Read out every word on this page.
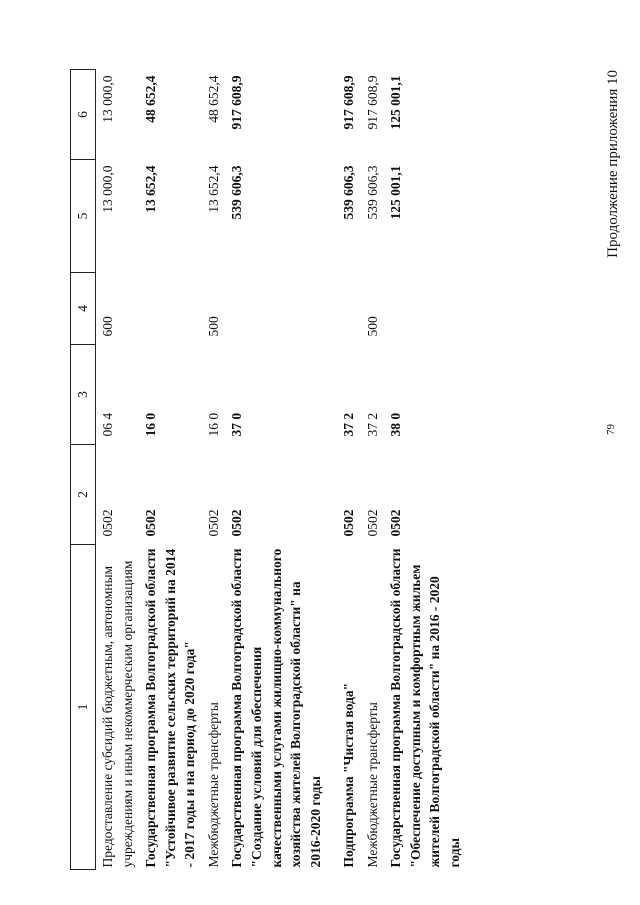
79
Продолжение приложения 10
1	2	3	4	5	6
Предоставление субсидий бюджетным, автономным учреждениям и иным некоммерческим организациям	0502	06 4	600	13 000,0	13 000,0
Государственная программа Волгоградской области "Устойчивое развитие сельских территорий на 2014 - 2017 годы и на период до 2020 года"	0502	16 0		13 652,4	48 652,4
Межбюджетные трансферты	0502	16 0	500	13 652,4	48 652,4
Государственная программа Волгоградской области "Создание условий для обеспечения качественными услугами жилищно-коммунального хозяйства жителей Волгоградской области" на 2016-2020 годы	0502	37 0		539 606,3	917 608,9
Подпрограмма "Чистая вода"	0502	37 2		539 606,3	917 608,9
Межбюджетные трансферты	0502	37 2	500	539 606,3	917 608,9
Государственная программа Волгоградской области "Обеспечение доступным и комфортным жильем жителей Волгоградской области" на 2016 - 2020 годы	0502	38 0		125 001,1	125 001,1
